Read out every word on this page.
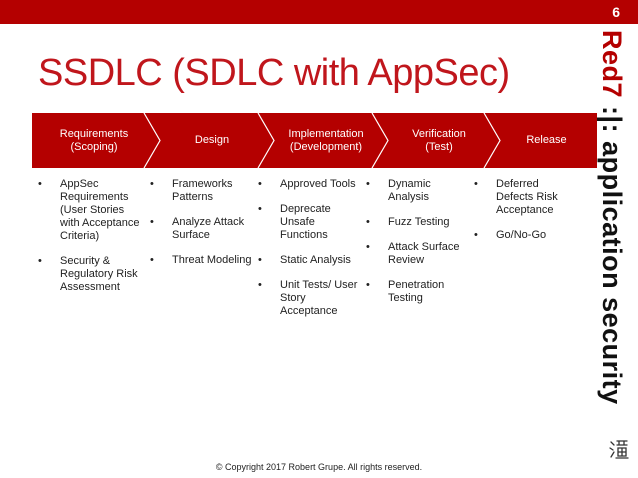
6
SSDLC (SDLC with AppSec)	Red7 :|: application security
Requirements
(Scoping)
Design
Implementation
(Development)
Verification
(Test)
Release
• AppSec Requirements (User Stories with Acceptance Criteria)
• Security & Regulatory Risk Assessment
• Frameworks Patterns
• Analyze Attack Surface
• Threat Modeling
• Approved Tools
• Deprecate Unsafe Functions
• Static Analysis
• Unit Tests/ User Story Acceptance
• Dynamic Analysis
• Fuzz Testing
• Attack Surface Review
• Penetration Testing
• Deferred Defects Risk Acceptance
• Go/No-Go
© Copyright 2017 Robert Grupe. All rights reserved.
